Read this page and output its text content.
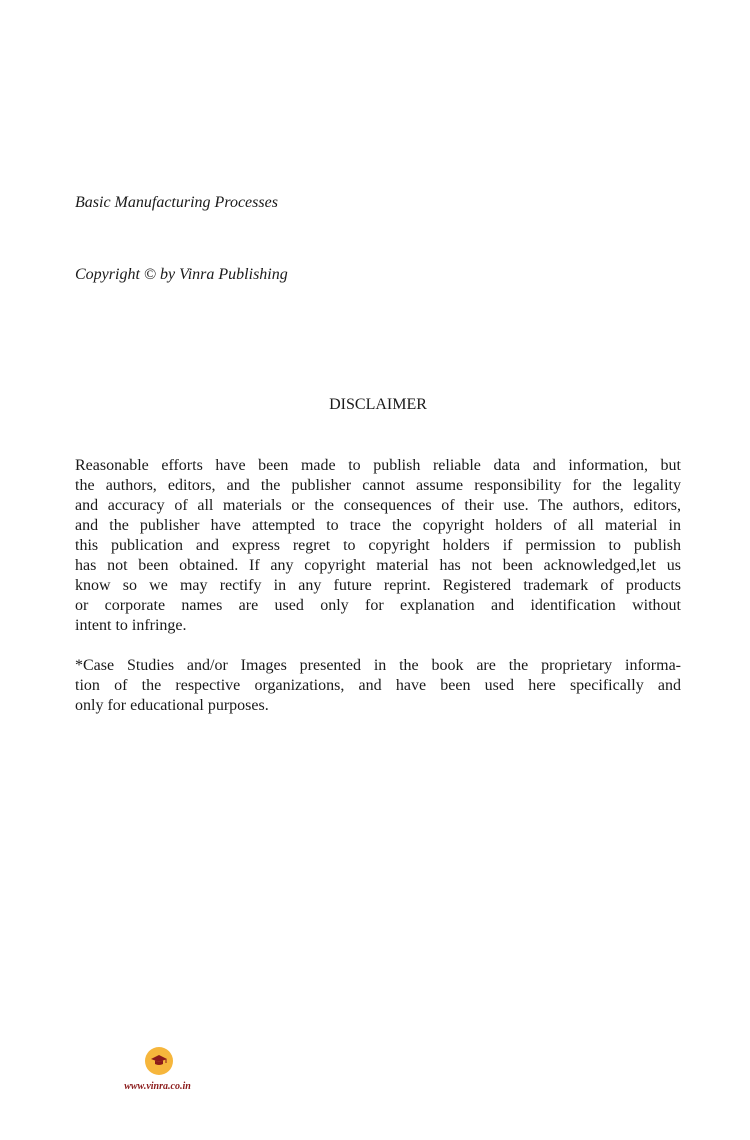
Basic Manufacturing Processes
Copyright © by Vinra Publishing
DISCLAIMER
Reasonable efforts have been made to publish reliable data and information, but
the authors, editors, and the publisher cannot assume responsibility for the legality
and accuracy of all materials or the consequences of their use. The authors, editors,
and the publisher have attempted to trace the copyright holders of all material in
this publication and express regret to copyright holders if permission to publish
has not been obtained. If any copyright material has not been acknowledged,let us
know so we may rectify in any future reprint. Registered trademark of products
or corporate names are used only for explanation and identification without
intent to infringe.
*Case Studies and/or Images presented in the book are the proprietary informa-
tion of the respective organizations, and have been used here specifically and
only for educational purposes.
www.vinra.co.in
